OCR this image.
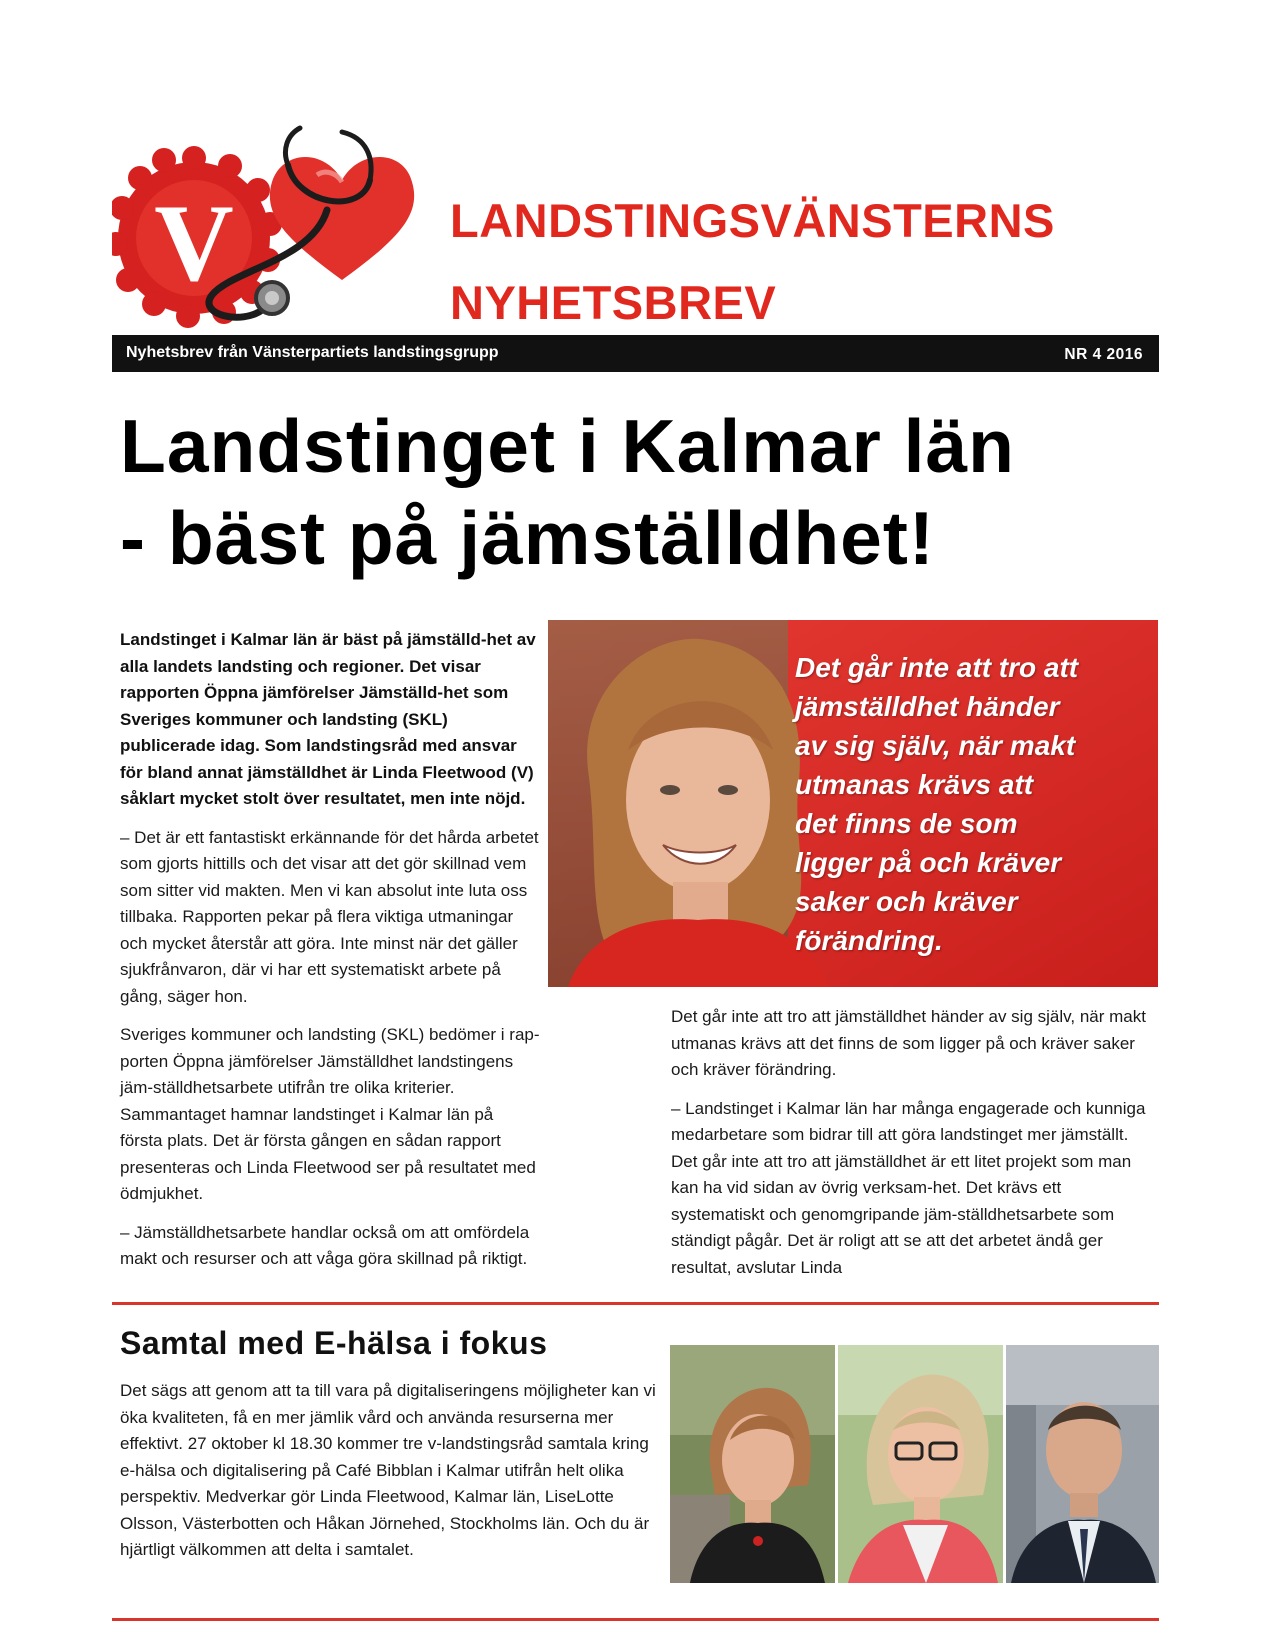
V	LANDSTINGSVÄNSTERNS
NYHETSBREV
Nyhetsbrev från Vänsterpartiets landstingsgrupp	NR 4 2016
Landstinget i Kalmar län
- bäst på jämställdhet!

Landstinget i Kalmar län är bäst på jämställd-het av alla landets landsting och regioner. Det visar rapporten Öppna jämförelser Jämställd-het som Sveriges kommuner och landsting (SKL) publicerade idag. Som landstingsråd med ansvar för bland annat jämställdhet är Linda Fleetwood (V) såklart mycket stolt över resultatet, men inte nöjd.

– Det är ett fantastiskt erkännande för det hårda arbetet som gjorts hittills och det visar att det gör skillnad vem som sitter vid makten. Men vi kan absolut inte luta oss tillbaka. Rapporten pekar på flera viktiga utmaningar och mycket återstår att göra. Inte minst när det gäller sjukfrånvaron, där vi har ett systematiskt arbete på gång, säger hon.

Sveriges kommuner och landsting (SKL) bedömer i rap-porten Öppna jämförelser Jämställdhet landstingens jäm-ställdhetsarbete utifrån tre olika kriterier. Sammantaget hamnar landstinget i Kalmar län på första plats. Det är första gången en sådan rapport presenteras och Linda Fleetwood ser på resultatet med ödmjukhet.

– Jämställdhetsarbete handlar också om att omfördela makt och resurser och att våga göra skillnad på riktigt.

Det går inte att tro att
jämställdhet händer
av sig själv, när makt
utmanas krävs att
det finns de som
ligger på och kräver
saker och kräver
förändring.

Det går inte att tro att jämställdhet händer av sig själv, när makt utmanas krävs att det finns de som ligger på och kräver saker och kräver förändring.

– Landstinget i Kalmar län har många engagerade och kunniga medarbetare som bidrar till att göra landstinget mer jämställt. Det går inte att tro att jämställdhet är ett litet projekt som man kan ha vid sidan av övrig verksam-het. Det krävs ett systematiskt och genomgripande jäm-ställdhetsarbete som ständigt pågår. Det är roligt att se att det arbetet ändå ger resultat, avslutar Linda

Samtal med E-hälsa i fokus

Det sägs att genom att ta till vara på digitaliseringens möjligheter kan vi öka kvaliteten, få en mer jämlik vård och använda resurserna mer effektivt. 27 oktober kl 18.30 kommer tre v-landstingsråd samtala kring e-hälsa och digitalisering på Café Bibblan i Kalmar utifrån helt olika perspektiv. Medverkar gör Linda Fleetwood, Kalmar län, LiseLotte Olsson, Västerbotten och Håkan Jörnehed, Stockholms län. Och du är hjärtligt välkommen att delta i samtalet.
